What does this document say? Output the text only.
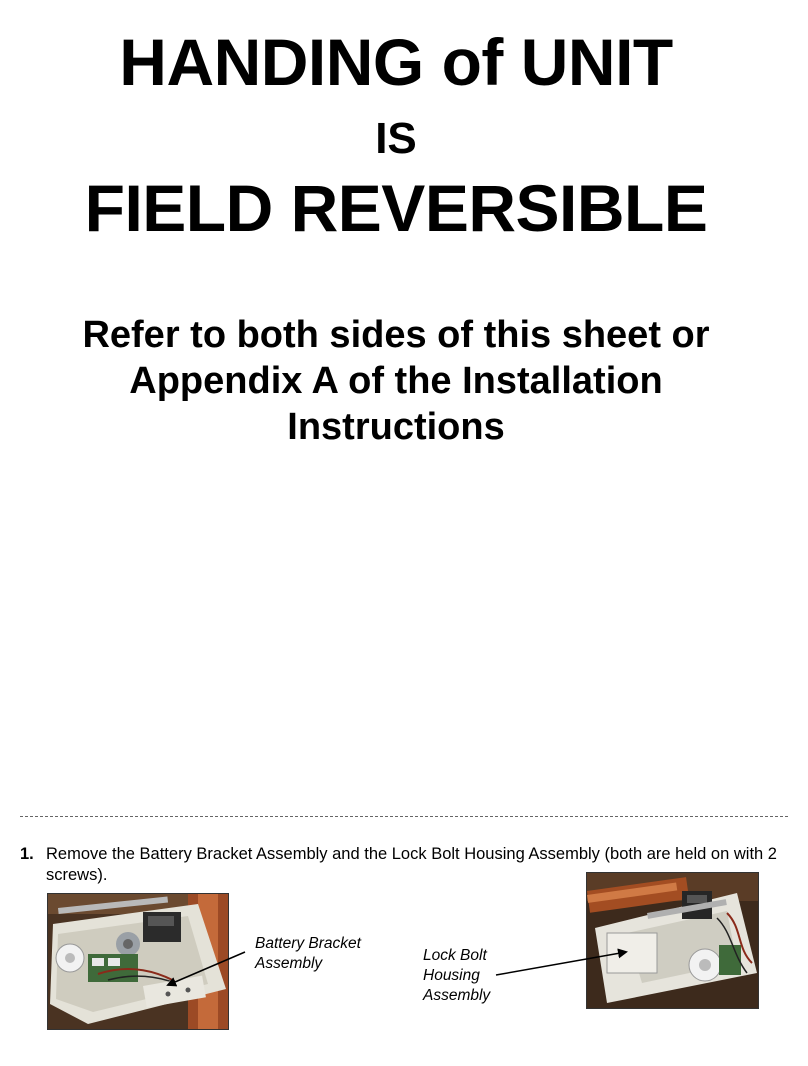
HANDING of UNIT
IS
FIELD REVERSIBLE
Refer to both sides of this sheet or Appendix A of the Installation Instructions
1. Remove the Battery Bracket Assembly and the Lock Bolt Housing Assembly (both are held on with 2 screws).
Battery Bracket Assembly	Lock Bolt Housing Assembly
